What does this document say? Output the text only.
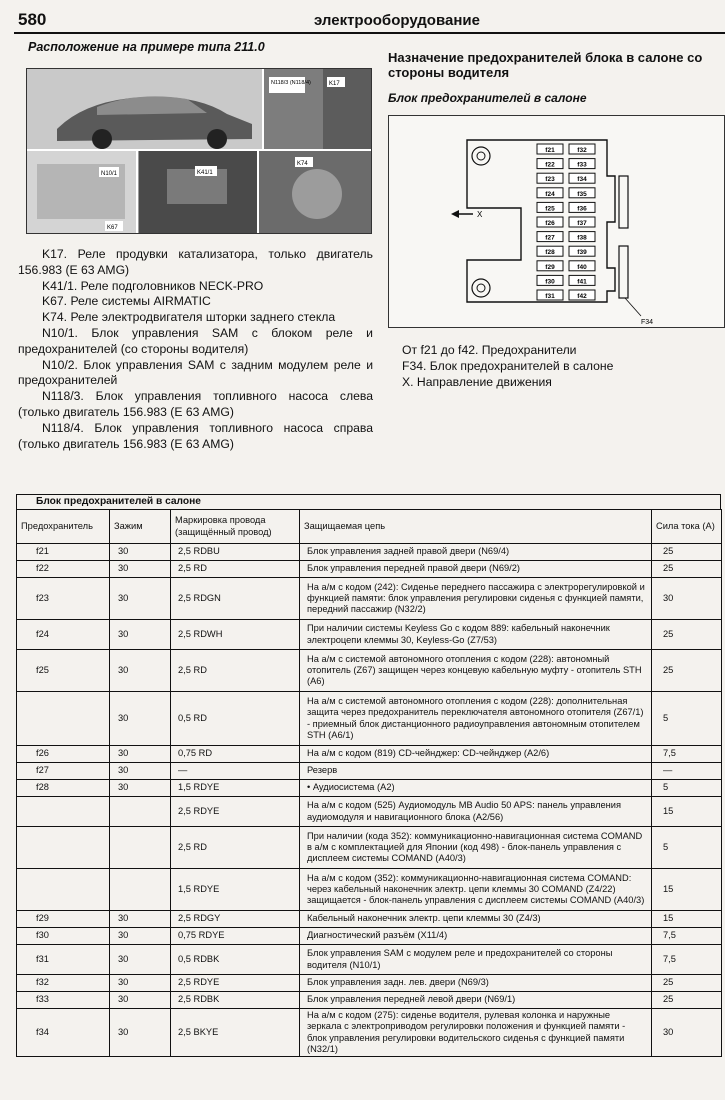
580	электрооборудование
Расположение на примере типа 211.0
N118/3 (N118/4)	K17
N10/1	K41/1
K74
K67

K17. Реле продувки катализатора, только двигатель 156.983 (E 63 AMG)

K41/1. Реле подголовников NECK-PRO

K67. Реле системы AIRMATIC

K74. Реле электродвигателя шторки заднего стекла

N10/1. Блок управления SAM с блоком реле и предохранителей (со стороны водителя)

N10/2. Блок управления SAM с задним модулем реле и предохранителей

N118/3. Блок управления топливного насоса слева (только двигатель 156.983 (E 63 AMG)

N118/4. Блок управления топливного насоса справа (только двигатель 156.983 (E 63 AMG)

Назначение предохранителей блока в салоне со стороны водителя
Блок предохранителей в салоне
X
F34
f21
f22
f23
f24
f25
f26
f27
f28
f29
f30
f31
f32
f33
f34
f35
f36
f37
f38
f39
f40
f41
f42
От f21 до f42. Предохранители
F34. Блок предохранителей в салоне
X. Направление движения
Блок предохранителей в салоне
Предохранитель	Зажим	Маркировка провода (защищённый провод)	Защищаемая цепь	Сила тока (А)
f21	30	2,5 RDBU	Блок управления задней правой двери (N69/4)	25
f22	30	2,5 RD	Блок управления передней правой двери (N69/2)	25
f23	30	2,5 RDGN	На а/м с кодом (242): Сиденье переднего пассажира с электрорегулировкой и функцией памяти: блок управления регулировки сиденья с функцией памяти, передний пассажир (N32/2)	30
f24	30	2,5 RDWH	При наличии системы Keyless Go с кодом 889: кабельный наконечник электроцепи клеммы 30, Keyless-Go (Z7/53)	25
f25	30	2,5 RD	На а/м с системой автономного отопления с кодом (228): автономный отопитель (Z67) защищен через концевую кабельную муфту - отопитель STH (A6)	25
	30	0,5 RD	На а/м с системой автономного отопления с кодом (228): дополнительная защита через предохранитель переключателя автономного отопителя (Z67/1) - приемный блок дистанционного радиоуправления автономным отопителем STH (A6/1)	5
f26	30	0,75 RD	На а/м с кодом (819) CD-чейнджер: CD-чейнджер (A2/6)	7,5
f27	30	—	Резерв	—
f28	30	1,5 RDYE	• Аудиосистема (A2)	5
		2,5 RDYE	На а/м с кодом (525) Аудиомодуль MB Audio 50 APS: панель управления аудиомодуля и навигационного блока (A2/56)	15
		2,5 RD	При наличии (кода 352): коммуникационно-навигационная система COMAND в а/м с комплектацией для Японии (код 498) - блок-панель управления с дисплеем системы COMAND (A40/3)	5
		1,5 RDYE	На а/м с кодом (352): коммуникационно-навигационная система COMAND: через кабельный наконечник электр. цепи клеммы 30 COMAND (Z4/22) защищается - блок-панель управления с дисплеем системы COMAND (A40/3)	15
f29	30	2,5 RDGY	Кабельный наконечник электр. цепи клеммы 30 (Z4/3)	15
f30	30	0,75 RDYE	Диагностический разъём (X11/4)	7,5
f31	30	0,5 RDBK	Блок управления SAM с модулем реле и предохранителей со стороны водителя (N10/1)	7,5
f32	30	2,5 RDYE	Блок управления задн. лев. двери (N69/3)	25
f33	30	2,5 RDBK	Блок управления передней левой двери (N69/1)	25
f34	30	2,5 BKYE	На а/м с кодом (275): сиденье водителя, рулевая колонка и наружные зеркала с электроприводом регулировки положения и функцией памяти - блок управления регулировки водительского сиденья с функцией памяти (N32/1)	30
